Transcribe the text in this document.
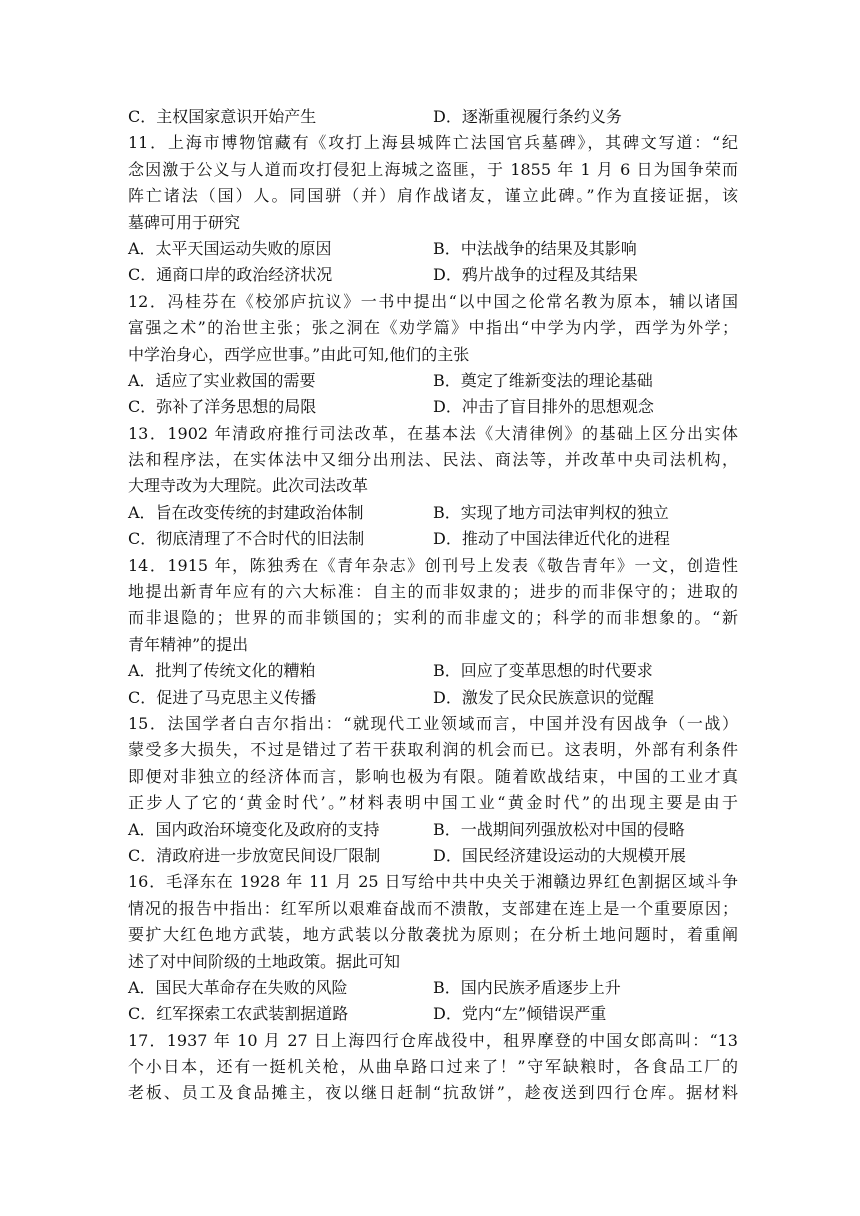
C．主权国家意识开始产生	D．逐渐重视履行条约义务
11．上海市博物馆藏有《攻打上海县城阵亡法国官兵墓碑》，其碑文写道：“纪
念因激于公义与人道而攻打侵犯上海城之盗匪，于 1855 年 1 月 6 日为国争荣而
阵亡诸法（国）人。同国骈（并）肩作战诸友，谨立此碑。”作为直接证据，该
墓碑可用于研究
A．太平天国运动失败的原因	B．中法战争的结果及其影响
C．通商口岸的政治经济状况	D．鸦片战争的过程及其结果
12．冯桂芬在《校邠庐抗议》一书中提出“以中国之伦常名教为原本，辅以诸国
富强之术”的治世主张；张之洞在《劝学篇》中指出“中学为内学，西学为外学；
中学治身心，西学应世事。”由此可知,他们的主张
A．适应了实业救国的需要	B．奠定了维新变法的理论基础
C．弥补了洋务思想的局限	D．冲击了盲目排外的思想观念
13．1902 年清政府推行司法改革，在基本法《大清律例》的基础上区分出实体
法和程序法，在实体法中又细分出刑法、民法、商法等，并改革中央司法机构，
大理寺改为大理院。此次司法改革
A．旨在改变传统的封建政治体制	B．实现了地方司法审判权的独立
C．彻底清理了不合时代的旧法制	D．推动了中国法律近代化的进程
14．1915 年，陈独秀在《青年杂志》创刊号上发表《敬告青年》一文，创造性
地提出新青年应有的六大标准：自主的而非奴隶的；进步的而非保守的；进取的
而非退隐的；世界的而非锁国的；实利的而非虚文的；科学的而非想象的。“新
青年精神”的提出
A．批判了传统文化的糟粕	B．回应了变革思想的时代要求
C．促进了马克思主义传播	D．激发了民众民族意识的觉醒
15．法国学者白吉尔指出：“就现代工业领域而言，中国并没有因战争（一战）
蒙受多大损失，不过是错过了若干获取利润的机会而已。这表明，外部有利条件
即便对非独立的经济体而言，影响也极为有限。随着欧战结束，中国的工业才真
正步人了它的‘黄金时代’。”材料表明中国工业“黄金时代”的出现主要是由于
A．国内政治环境变化及政府的支持	B．一战期间列强放松对中国的侵略
C．清政府进一步放宽民间设厂限制	D．国民经济建设运动的大规模开展
16．毛泽东在 1928 年 11 月 25 日写给中共中央关于湘赣边界红色割据区域斗争
情况的报告中指出：红军所以艰难奋战而不溃散，支部建在连上是一个重要原因；
要扩大红色地方武装，地方武装以分散袭扰为原则；在分析土地问题时，着重阐
述了对中间阶级的土地政策。据此可知
A．国民大革命存在失败的风险	B．国内民族矛盾逐步上升
C．红军探索工农武装割据道路	D．党内“左”倾错误严重
17．1937 年 10 月 27 日上海四行仓库战役中，租界摩登的中国女郎高叫：“13
个小日本，还有一挺机关枪，从曲阜路口过来了！”守军缺粮时，各食品工厂的
老板、员工及食品摊主，夜以继日赶制“抗敌饼”，趁夜送到四行仓库。据材料
